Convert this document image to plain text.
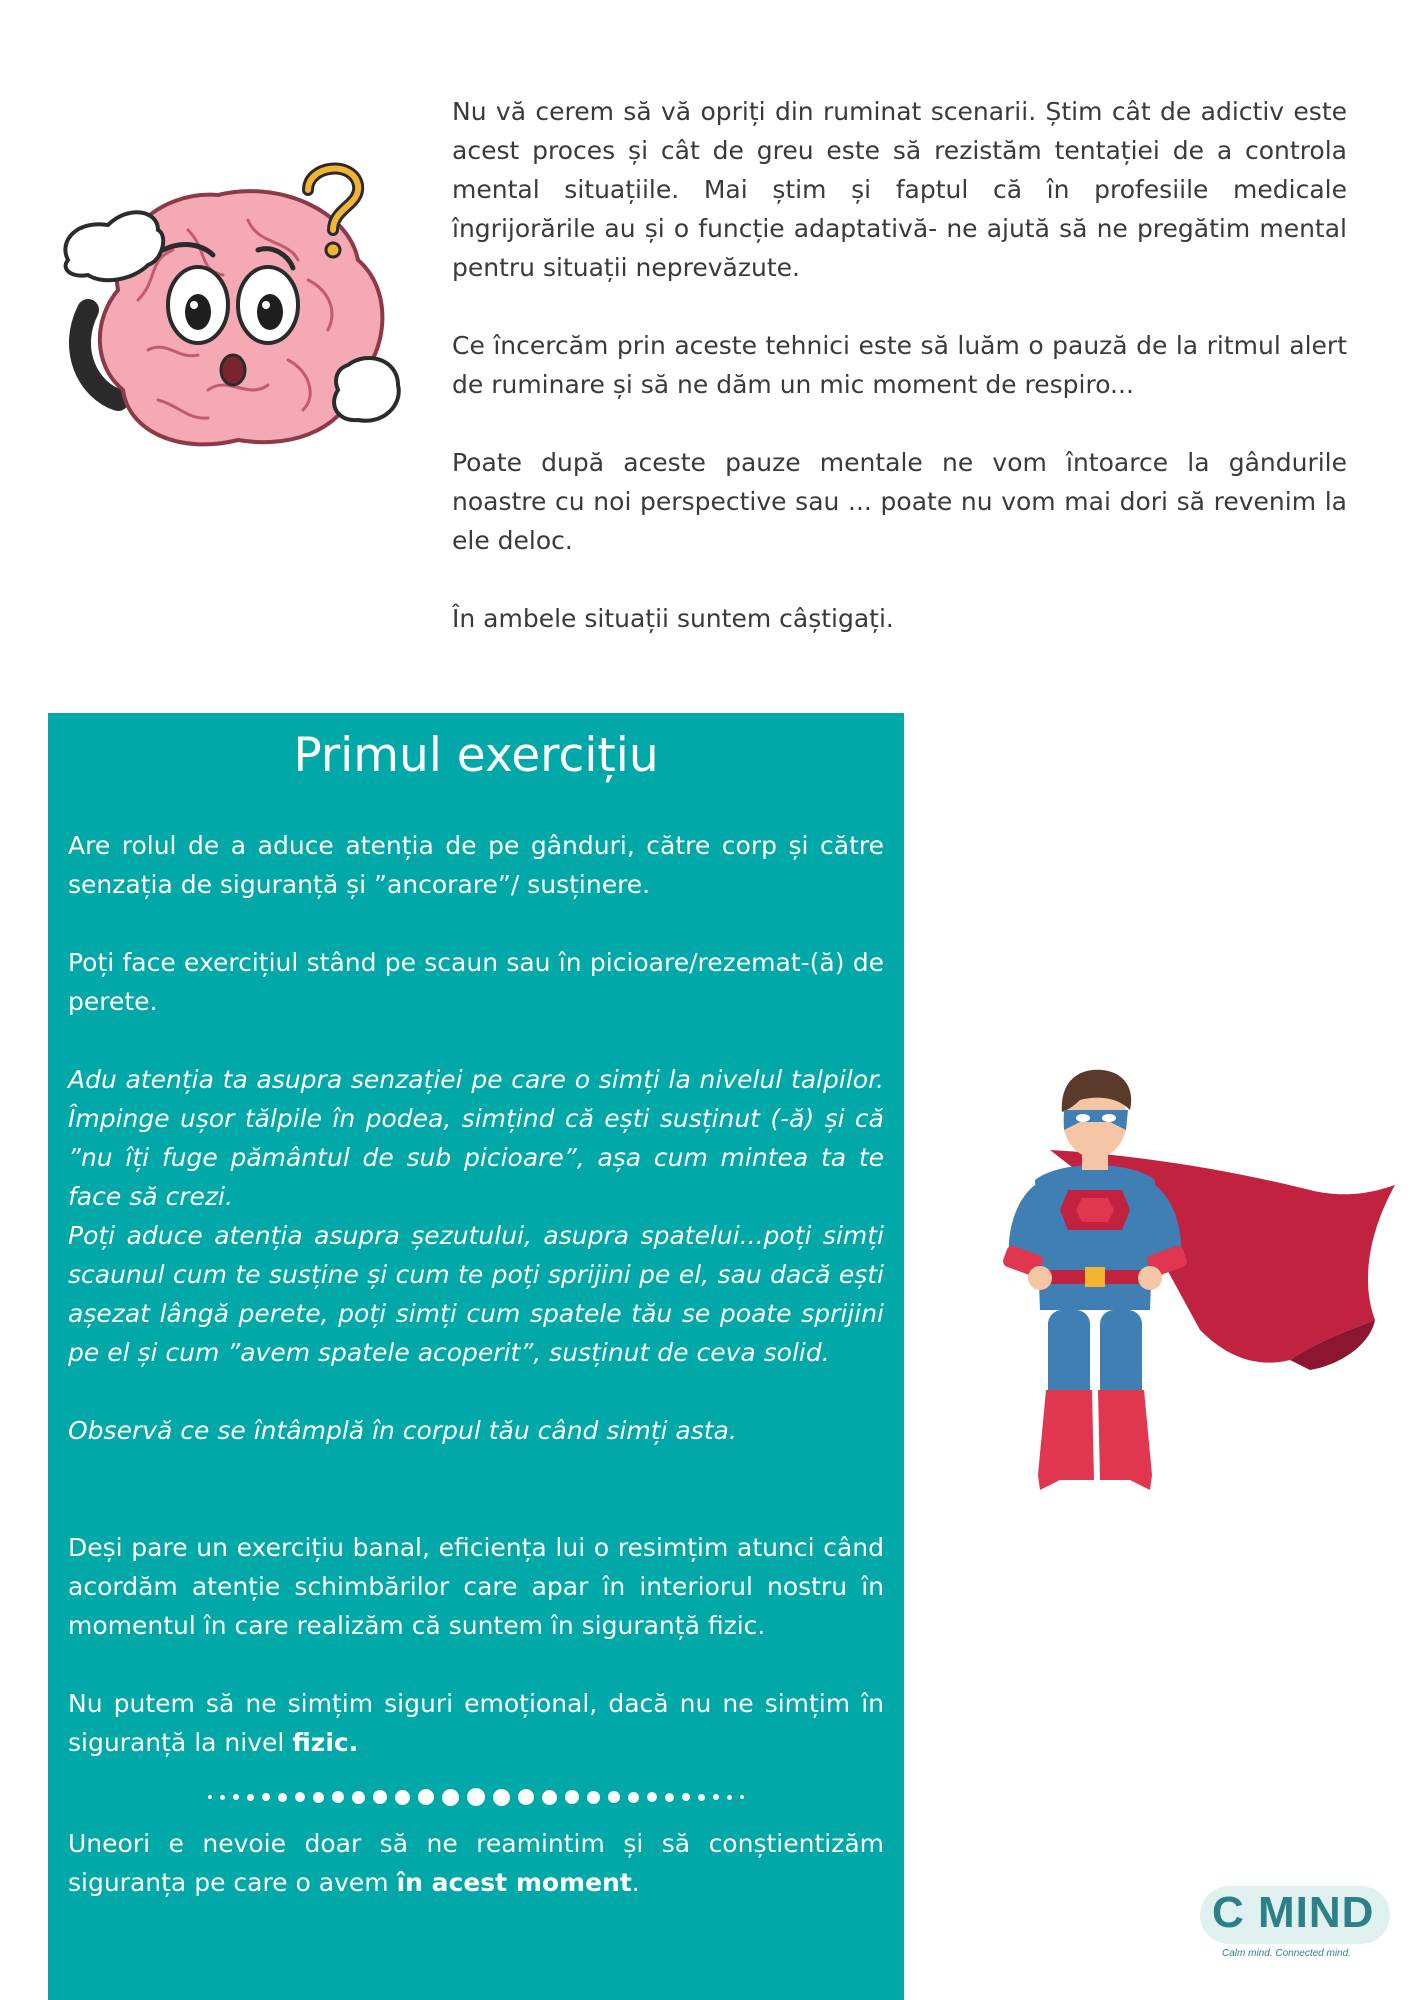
Nu vă cerem să vă opriți din ruminat scenarii. Știm cât de adictiv este acest proces și cât de greu este să rezistăm tentației de a controla mental situațiile. Mai știm și faptul că în profesiile medicale îngrijorările au și o funcție adaptativă- ne ajută să ne pregătim mental pentru situații neprevăzute.

Ce încercăm prin aceste tehnici este să luăm o pauză de la ritmul alert de ruminare și să ne dăm un mic moment de respiro...

Poate după aceste pauze mentale ne vom întoarce la gândurile noastre cu noi perspective sau ... poate nu vom mai dori să revenim la ele deloc.

În ambele situații suntem câștigați.

Primul exercițiu

Are rolul de a aduce atenția de pe gânduri, către corp și către senzația de siguranță și ”ancorare”/ susținere.

Poți face exercițiul stând pe scaun sau în picioare/rezemat-(ă) de perete.

Adu atenția ta asupra senzației pe care o simți la nivelul talpilor. Împinge ușor tălpile în podea, simțind că ești susținut (-ă) și că ”nu îți fuge pământul de sub picioare”, așa cum mintea ta te face să crezi.

Poți aduce atenția asupra șezutului, asupra spatelui...poți simți scaunul cum te susține și cum te poți sprijini pe el, sau dacă ești așezat lângă perete, poți simți cum spatele tău se poate sprijini pe el și cum ”avem spatele acoperit”, susținut de ceva solid.

Observă ce se întâmplă în corpul tău când simți asta.

Deși pare un exercițiu banal, eficiența lui o resimțim atunci când acordăm atenție schimbărilor care apar în interiorul nostru în momentul în care realizăm că suntem în siguranță fizic.

Nu putem să ne simțim siguri emoțional, dacă nu ne simțim în siguranță la nivel fizic.

Uneori e nevoie doar să ne reamintim și să conștientizăm siguranța pe care o avem în acest moment.

C MIND
Calm mind. Connected mind.
